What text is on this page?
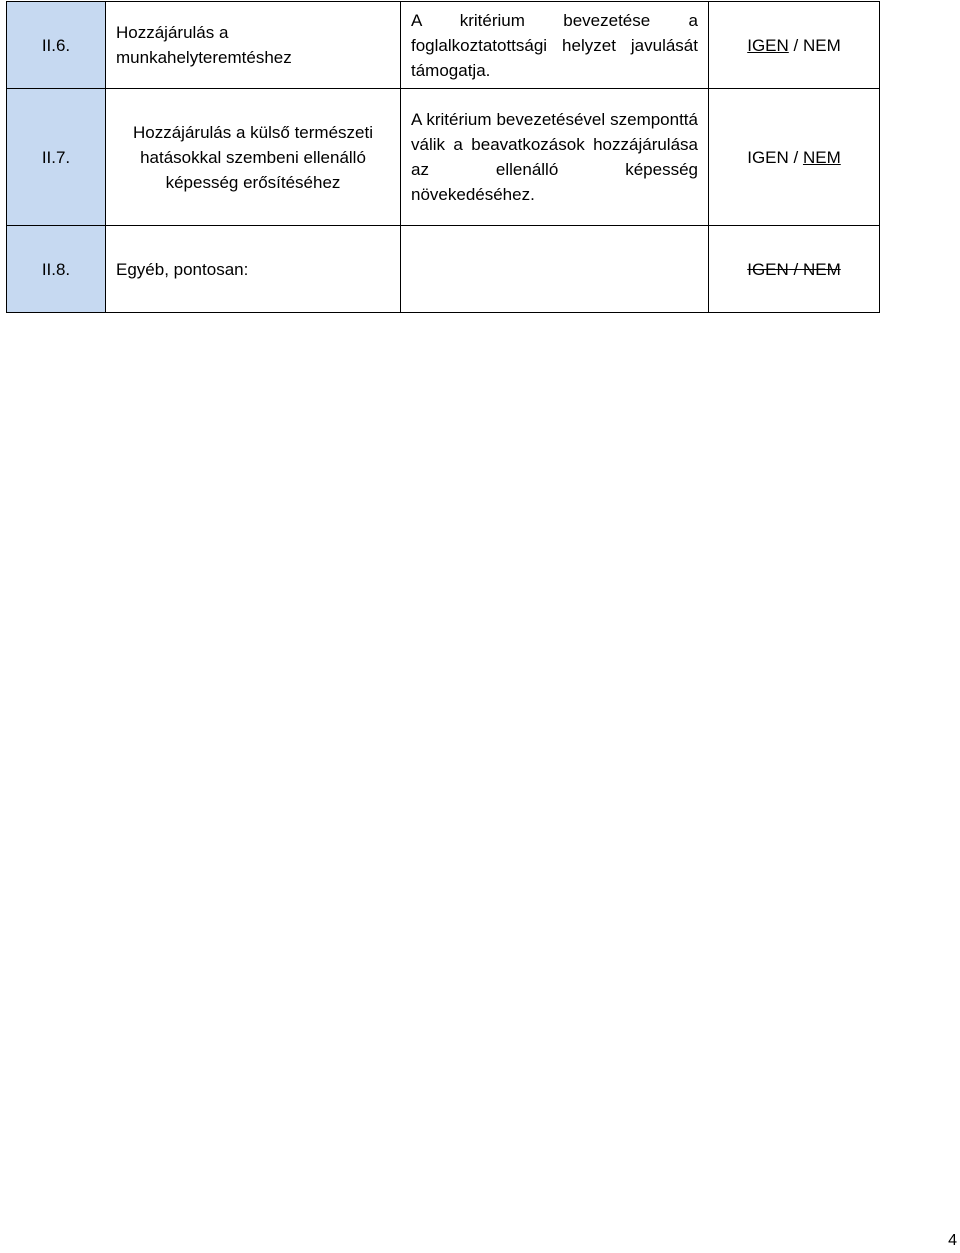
II.6.	Hozzájárulás a munkahelyteremtéshez	A kritérium bevezetése a foglalkoztatottsági helyzet javulását támogatja.	IGEN / NEM
II.7.	Hozzájárulás a külső természeti hatásokkal szembeni ellenálló képesség erősítéséhez	A kritérium bevezetésével szemponttá válik a beavatkozások hozzájárulása az ellenálló képesség növekedéséhez.	IGEN / NEM
II.8.	Egyéb, pontosan:		IGEN / NEM
4
